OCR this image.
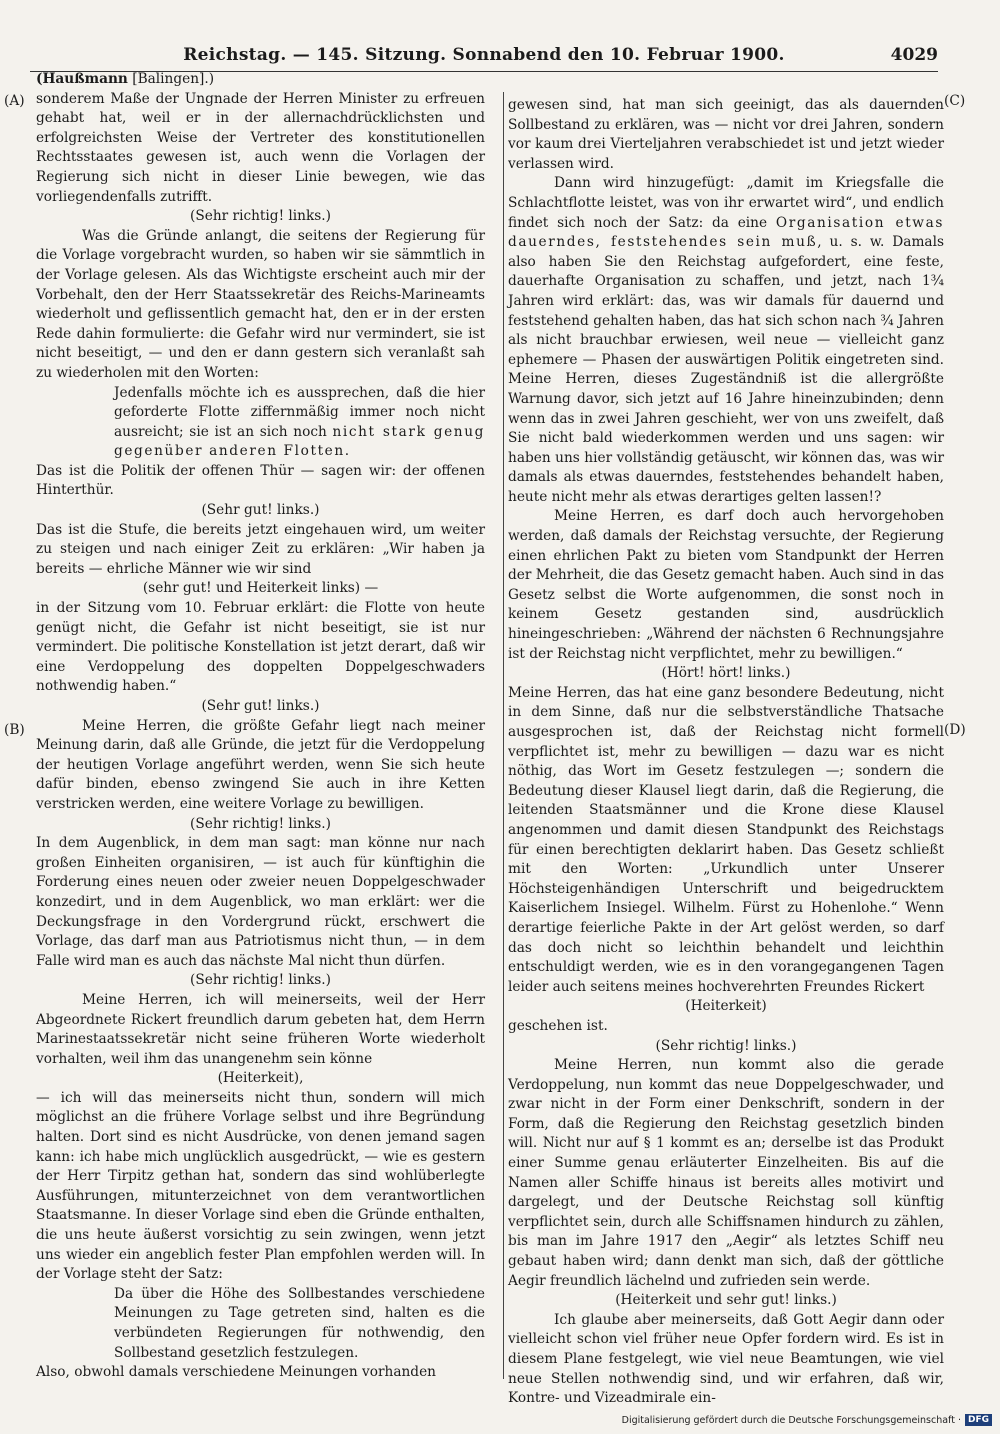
Reichstag. — 145. Sitzung. Sonnabend den 10. Februar 1900.	4029
(A)
(B)
(C)
(D)

(Haußmann [Balingen].)

sonderem Maße der Ungnade der Herren Minister zu erfreuen gehabt hat, weil er in der allernachdrücklichsten und erfolgreichsten Weise der Vertreter des konstitutionellen Rechtsstaates gewesen ist, auch wenn die Vorlagen der Regierung sich nicht in dieser Linie bewegen, wie das vorliegendenfalls zutrifft.

(Sehr richtig! links.)

Was die Gründe anlangt, die seitens der Regierung für die Vorlage vorgebracht wurden, so haben wir sie sämmtlich in der Vorlage gelesen. Als das Wichtigste erscheint auch mir der Vorbehalt, den der Herr Staatssekretär des Reichs-Marineamts wiederholt und geflissentlich gemacht hat, den er in der ersten Rede dahin formulierte: die Gefahr wird nur vermindert, sie ist nicht beseitigt, — und den er dann gestern sich veranlaßt sah zu wiederholen mit den Worten:

Jedenfalls möchte ich es aussprechen, daß die hier geforderte Flotte ziffernmäßig immer noch nicht ausreicht; sie ist an sich noch nicht stark genug gegenüber anderen Flotten.

Das ist die Politik der offenen Thür — sagen wir: der offenen Hinterthür.

(Sehr gut! links.)

Das ist die Stufe, die bereits jetzt eingehauen wird, um weiter zu steigen und nach einiger Zeit zu erklären: „Wir haben ja bereits — ehrliche Männer wie wir sind

(sehr gut! und Heiterkeit links) —

in der Sitzung vom 10. Februar erklärt: die Flotte von heute genügt nicht, die Gefahr ist nicht beseitigt, sie ist nur vermindert. Die politische Konstellation ist jetzt derart, daß wir eine Verdoppelung des doppelten Doppelgeschwaders nothwendig haben.“

(Sehr gut! links.)

Meine Herren, die größte Gefahr liegt nach meiner Meinung darin, daß alle Gründe, die jetzt für die Verdoppelung der heutigen Vorlage angeführt werden, wenn Sie sich heute dafür binden, ebenso zwingend Sie auch in ihre Ketten verstricken werden, eine weitere Vorlage zu bewilligen.

(Sehr richtig! links.)

In dem Augenblick, in dem man sagt: man könne nur nach großen Einheiten organisiren, — ist auch für künftighin die Forderung eines neuen oder zweier neuen Doppelgeschwader konzedirt, und in dem Augenblick, wo man erklärt: wer die Deckungsfrage in den Vordergrund rückt, erschwert die Vorlage, das darf man aus Patriotismus nicht thun, — in dem Falle wird man es auch das nächste Mal nicht thun dürfen.

(Sehr richtig! links.)

Meine Herren, ich will meinerseits, weil der Herr Abgeordnete Rickert freundlich darum gebeten hat, dem Herrn Marinestaatssekretär nicht seine früheren Worte wiederholt vorhalten, weil ihm das unangenehm sein könne

(Heiterkeit),

— ich will das meinerseits nicht thun, sondern will mich möglichst an die frühere Vorlage selbst und ihre Begründung halten. Dort sind es nicht Ausdrücke, von denen jemand sagen kann: ich habe mich unglücklich ausgedrückt, — wie es gestern der Herr Tirpitz gethan hat, sondern das sind wohlüberlegte Ausführungen, mitunterzeichnet von dem verantwortlichen Staatsmanne. In dieser Vorlage sind eben die Gründe enthalten, die uns heute äußerst vorsichtig zu sein zwingen, wenn jetzt uns wieder ein angeblich fester Plan empfohlen werden will. In der Vorlage steht der Satz:

Da über die Höhe des Sollbestandes verschiedene Meinungen zu Tage getreten sind, halten es die verbündeten Regierungen für nothwendig, den Sollbestand gesetzlich festzulegen.

Also, obwohl damals verschiedene Meinungen vorhanden

gewesen sind, hat man sich geeinigt, das als dauernden Sollbestand zu erklären, was — nicht vor drei Jahren, sondern vor kaum drei Vierteljahren verabschiedet ist und jetzt wieder verlassen wird.

Dann wird hinzugefügt: „damit im Kriegsfalle die Schlachtflotte leistet, was von ihr erwartet wird“, und endlich findet sich noch der Satz: da eine Organisation etwas dauerndes, feststehendes sein muß, u. s. w. Damals also haben Sie den Reichstag aufgefordert, eine feste, dauerhafte Organisation zu schaffen, und jetzt, nach 1¾ Jahren wird erklärt: das, was wir damals für dauernd und feststehend gehalten haben, das hat sich schon nach ¾ Jahren als nicht brauchbar erwiesen, weil neue — vielleicht ganz ephemere — Phasen der auswärtigen Politik eingetreten sind. Meine Herren, dieses Zugeständniß ist die allergrößte Warnung davor, sich jetzt auf 16 Jahre hineinzubinden; denn wenn das in zwei Jahren geschieht, wer von uns zweifelt, daß Sie nicht bald wiederkommen werden und uns sagen: wir haben uns hier vollständig getäuscht, wir können das, was wir damals als etwas dauerndes, feststehendes behandelt haben, heute nicht mehr als etwas derartiges gelten lassen!?

Meine Herren, es darf doch auch hervorgehoben werden, daß damals der Reichstag versuchte, der Regierung einen ehrlichen Pakt zu bieten vom Standpunkt der Herren der Mehrheit, die das Gesetz gemacht haben. Auch sind in das Gesetz selbst die Worte aufgenommen, die sonst noch in keinem Gesetz gestanden sind, ausdrücklich hineingeschrieben: „Während der nächsten 6 Rechnungsjahre ist der Reichstag nicht verpflichtet, mehr zu bewilligen.“

(Hört! hört! links.)

Meine Herren, das hat eine ganz besondere Bedeutung, nicht in dem Sinne, daß nur die selbstverständliche Thatsache ausgesprochen ist, daß der Reichstag nicht formell verpflichtet ist, mehr zu bewilligen — dazu war es nicht nöthig, das Wort im Gesetz festzulegen —; sondern die Bedeutung dieser Klausel liegt darin, daß die Regierung, die leitenden Staatsmänner und die Krone diese Klausel angenommen und damit diesen Standpunkt des Reichstags für einen berechtigten deklarirt haben. Das Gesetz schließt mit den Worten: „Urkundlich unter Unserer Höchsteigenhändigen Unterschrift und beigedrucktem Kaiserlichem Insiegel. Wilhelm. Fürst zu Hohenlohe.“ Wenn derartige feierliche Pakte in der Art gelöst werden, so darf das doch nicht so leichthin behandelt und leichthin entschuldigt werden, wie es in den vorangegangenen Tagen leider auch seitens meines hochverehrten Freundes Rickert

(Heiterkeit)

geschehen ist.

(Sehr richtig! links.)

Meine Herren, nun kommt also die gerade Verdoppelung, nun kommt das neue Doppelgeschwader, und zwar nicht in der Form einer Denkschrift, sondern in der Form, daß die Regierung den Reichstag gesetzlich binden will. Nicht nur auf § 1 kommt es an; derselbe ist das Produkt einer Summe genau erläuterter Einzelheiten. Bis auf die Namen aller Schiffe hinaus ist bereits alles motivirt und dargelegt, und der Deutsche Reichstag soll künftig verpflichtet sein, durch alle Schiffsnamen hindurch zu zählen, bis man im Jahre 1917 den „Aegir“ als letztes Schiff neu gebaut haben wird; dann denkt man sich, daß der göttliche Aegir freundlich lächelnd und zufrieden sein werde.

(Heiterkeit und sehr gut! links.)

Ich glaube aber meinerseits, daß Gott Aegir dann oder vielleicht schon viel früher neue Opfer fordern wird. Es ist in diesem Plane festgelegt, wie viel neue Beamtungen, wie viel neue Stellen nothwendig sind, und wir erfahren, daß wir, Kontre- und Vizeadmirale ein-

Digitalisierung gefördert durch die Deutsche Forschungsgemeinschaft · DFG
